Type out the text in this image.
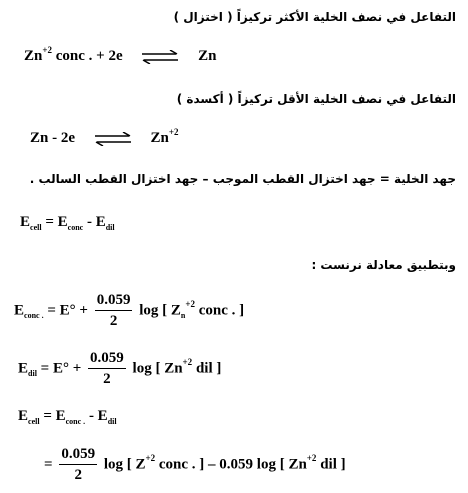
التفاعل في نصف الخلية الأكثر تركيزاً ( اختزال )
$Zn^{+2}$ conc . + 2e ⇌ Zn
التفاعل في نصف الخلية الأقل تركيزاً ( أكسدة )
Zn - 2e ⇌ $Zn^{+2}$
جهد الخلية = جهد اختزال القطب الموجب – جهد اختزال القطب السالب .
$E_{cell} = E_{conc} - E_{dil}$
وبتطبيق معادلة نرنست :
$E_{conc .} = E^\circ + \frac{0.059}{2}$ log [ $Z_n^{+2}$ conc . ]
$E_{dil} = E^\circ + \frac{0.059}{2}$ log [ $Zn^{+2}$ dil ]
$E_{cell} = E_{conc .} - E_{dil}$
= $\frac{0.059}{2}$ log [ $Z^{+2}$ conc . ] – 0.059 log [ $Zn^{+2}$ dil ]
